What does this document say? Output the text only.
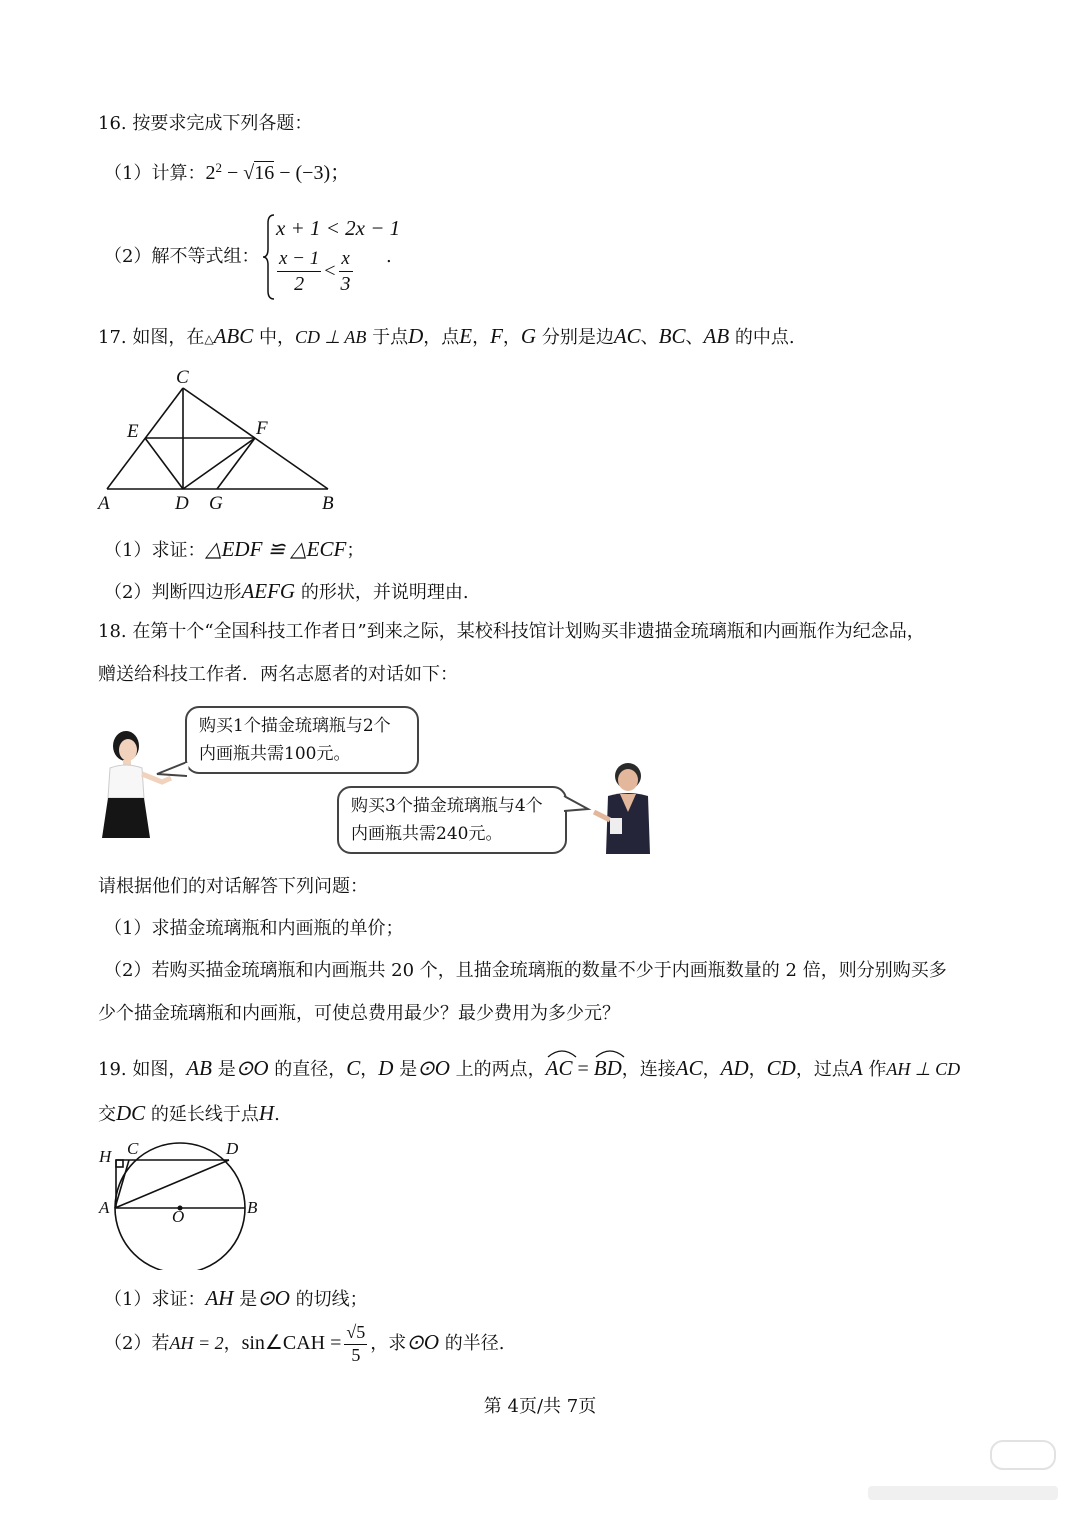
16. 按要求完成下列各题：
（1）计算：$2^2 - √16 - (-3)$；
（2）解不等式组：
x + 1 < 2x − 1
$\frac{x - 1}{2} < \frac{x}{3}$ .
17. 如图，在△ABC 中，CD ⊥ AB 于点D，点E，F，G 分别是边AC、BC、AB 的中点.
C
E	F
A	D G	B
（1）求证：△EDF ≌ △ECF；
（2）判断四边形AEFG 的形状，并说明理由.
18. 在第十个“全国科技工作者日”到来之际，某校科技馆计划购买非遗描金琉璃瓶和内画瓶作为纪念品，
赠送给科技工作者．两名志愿者的对话如下：
购买1个描金琉璃瓶与2个
内画瓶共需100元。
购买3个描金琉璃瓶与4个
内画瓶共需240元。
请根据他们的对话解答下列问题：
（1）求描金琉璃瓶和内画瓶的单价；
（2）若购买描金琉璃瓶和内画瓶共 20 个，且描金琉璃瓶的数量不少于内画瓶数量的 2 倍，则分别购买多
少个描金琉璃瓶和内画瓶，可使总费用最少？最少费用为多少元？
19. 如图，AB 是⊙O 的直径，C，D 是⊙O 上的两点，
AC =
BD，连接AC，AD，CD，过点A 作AH ⊥ CD
交DC 的延长线于点H.
H C	D
A	O	B
（1）求证：AH 是⊙O 的切线；
（2）若AH = 2，sin∠CAH = $\frac{√5}{5}$ ，求⊙O 的半径.
第 4页/共 7页
